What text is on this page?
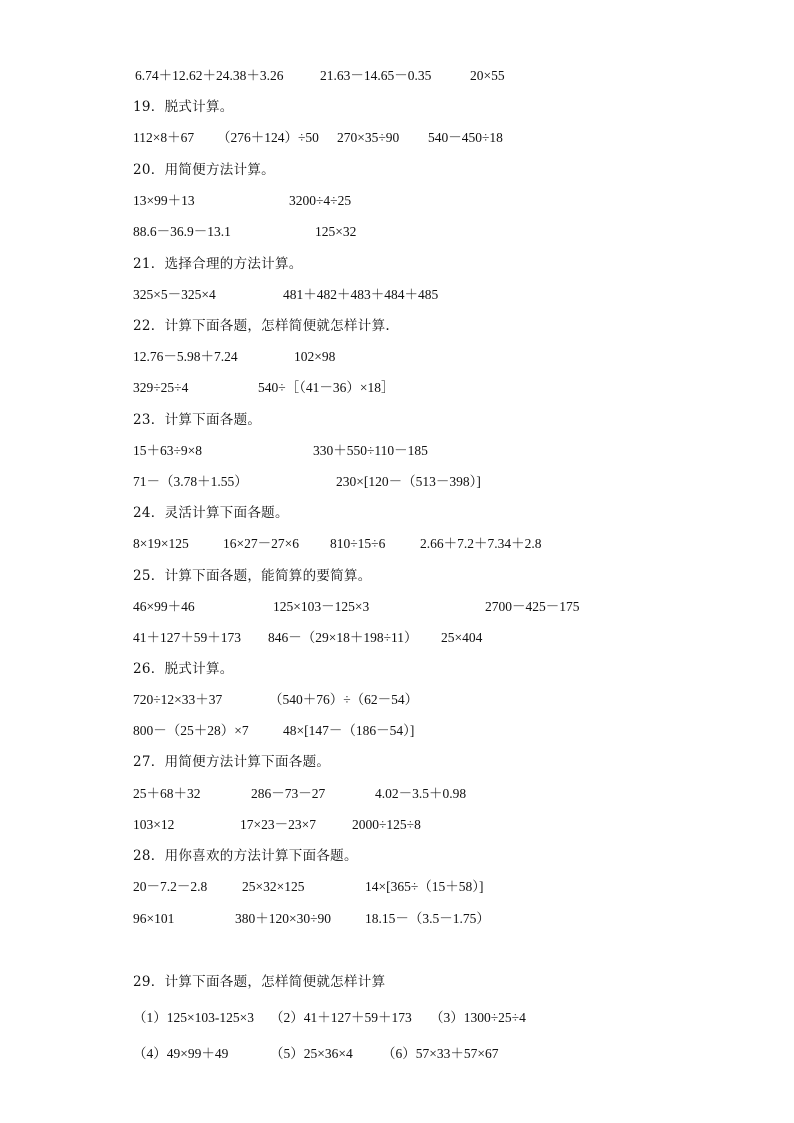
6.74＋12.62＋24.38＋3.26	21.63－14.65－0.35	20×55
19．脱式计算。
112×8＋67 （276＋124）÷50 270×35÷90 540－450÷18
20．用简便方法计算。
13×99＋13	3200÷4÷25
88.6－36.9－13.1	125×32
21．选择合理的方法计算。
325×5－325×4	481＋482＋483＋484＋485
22．计算下面各题，怎样简便就怎样计算.
12.76－5.98＋7.24	102×98
329÷25÷4	540÷［（41－36）×18］
23．计算下面各题。
15＋63÷9×8	330＋550÷110－185
71－（3.78＋1.55）	230×[120－（513－398）]
24．灵活计算下面各题。
8×19×125	16×27－27×6 810÷15÷6	2.66＋7.2＋7.34＋2.8
25．计算下面各题，能简算的要简算。
46×99＋46	125×103－125×3	2700－425－175
41＋127＋59＋173 846－（29×18＋198÷11） 25×404
26．脱式计算。
720÷12×33＋37	（540＋76）÷（62－54）
800－（25＋28）×7	48×[147－（186－54）]
27．用简便方法计算下面各题。
25＋68＋32	286－73－27	4.02－3.5＋0.98
103×12	17×23－23×7	2000÷125÷8
28．用你喜欢的方法计算下面各题。
20－7.2－2.8	25×32×125	14×[365÷（15＋58）]
96×101	380＋120×30÷90	18.15－（3.5－1.75）
29．计算下面各题，怎样简便就怎样计算
（1）125×103-125×3 （2）41＋127＋59＋173 （3）1300÷25÷4
（4）49×99＋49	（5）25×36×4 （6）57×33＋57×67
